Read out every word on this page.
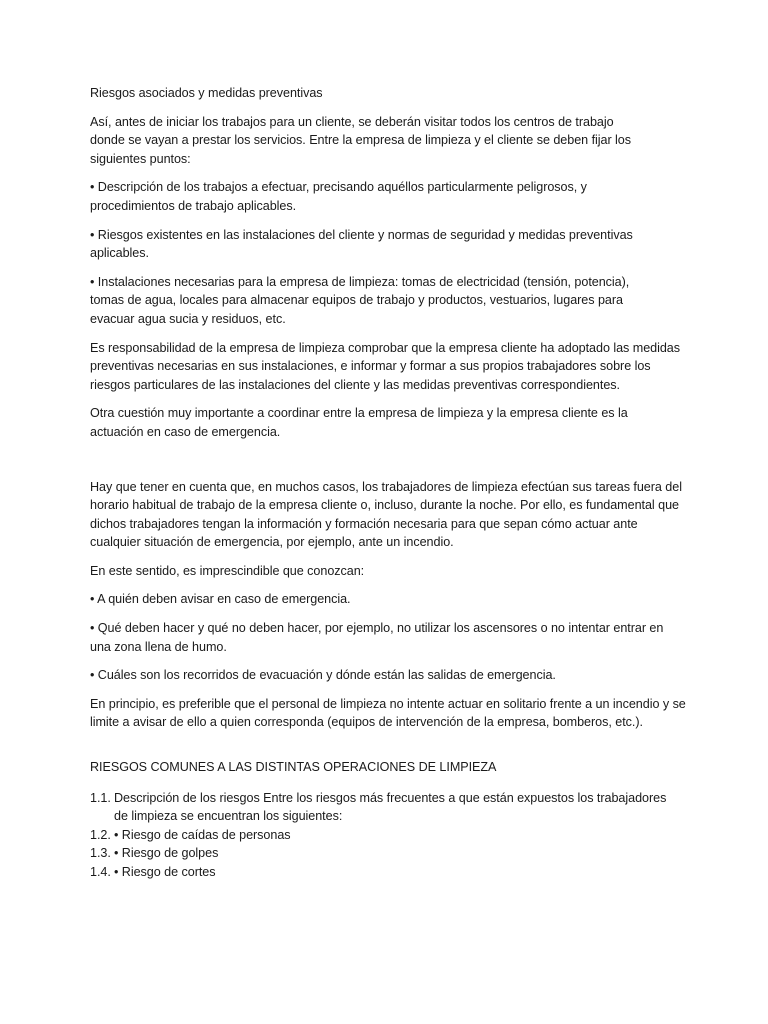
Riesgos asociados y medidas preventivas
Así, antes de iniciar los trabajos para un cliente, se deberán visitar todos los centros de trabajo donde se vayan a prestar los servicios. Entre la empresa de limpieza y el cliente se deben fijar los siguientes puntos:
• Descripción de los trabajos a efectuar, precisando aquéllos particularmente peligrosos, y procedimientos de trabajo aplicables.
• Riesgos existentes en las instalaciones del cliente y normas de seguridad y medidas preventivas aplicables.
• Instalaciones necesarias para la empresa de limpieza: tomas de electricidad (tensión, potencia), tomas de agua, locales para almacenar equipos de trabajo y productos, vestuarios, lugares para evacuar agua sucia y residuos, etc.
Es responsabilidad de la empresa de limpieza comprobar que la empresa cliente ha adoptado las medidas preventivas necesarias en sus instalaciones, e informar y formar a sus propios trabajadores sobre los riesgos particulares de las instalaciones del cliente y las medidas preventivas correspondientes.
Otra cuestión muy importante a coordinar entre la empresa de limpieza y la empresa cliente es la actuación en caso de emergencia.
Hay que tener en cuenta que, en muchos casos, los trabajadores de limpieza efectúan sus tareas fuera del horario habitual de trabajo de la empresa cliente o, incluso, durante la noche. Por ello, es fundamental que dichos trabajadores tengan la información y formación necesaria para que sepan cómo actuar ante cualquier situación de emergencia, por ejemplo, ante un incendio.
En este sentido, es imprescindible que conozcan:
• A quién deben avisar en caso de emergencia.
• Qué deben hacer y qué no deben hacer, por ejemplo, no utilizar los ascensores o no intentar entrar en una zona llena de humo.
• Cuáles son los recorridos de evacuación y dónde están las salidas de emergencia.
En principio, es preferible que el personal de limpieza no intente actuar en solitario frente a un incendio y se limite a avisar de ello a quien corresponda (equipos de intervención de la empresa, bomberos, etc.).
RIESGOS COMUNES A LAS DISTINTAS OPERACIONES DE LIMPIEZA
1.1. Descripción de los riesgos Entre los riesgos más frecuentes a que están expuestos los trabajadores de limpieza se encuentran los siguientes:
1.2. • Riesgo de caídas de personas
1.3. • Riesgo de golpes
1.4. • Riesgo de cortes
